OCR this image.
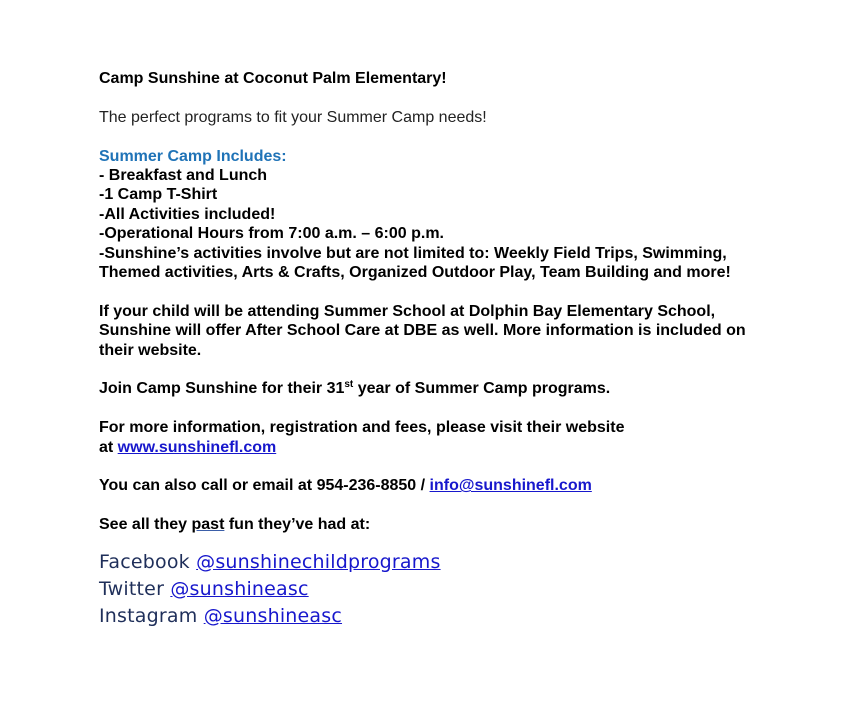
Camp Sunshine at Coconut Palm Elementary!

The perfect programs to fit your Summer Camp needs!

Summer Camp Includes:

- Breakfast and Lunch

-1 Camp T-Shirt

-All Activities included!

-Operational Hours from 7:00 a.m. – 6:00 p.m.

-Sunshine’s activities involve but are not limited to: Weekly Field Trips, Swimming, Themed activities, Arts & Crafts, Organized Outdoor Play, Team Building and more!

If your child will be attending Summer School at Dolphin Bay Elementary School, Sunshine will offer After School Care at DBE as well. More information is included on their website.

Join Camp Sunshine for their 31st year of Summer Camp programs.

For more information, registration and fees, please visit their website

at www.sunshinefl.com

You can also call or email at 954-236-8850 / info@sunshinefl.com

See all they past fun they’ve had at:

Facebook @sunshinechildprograms
Twitter @sunshineasc
Instagram @sunshineasc
